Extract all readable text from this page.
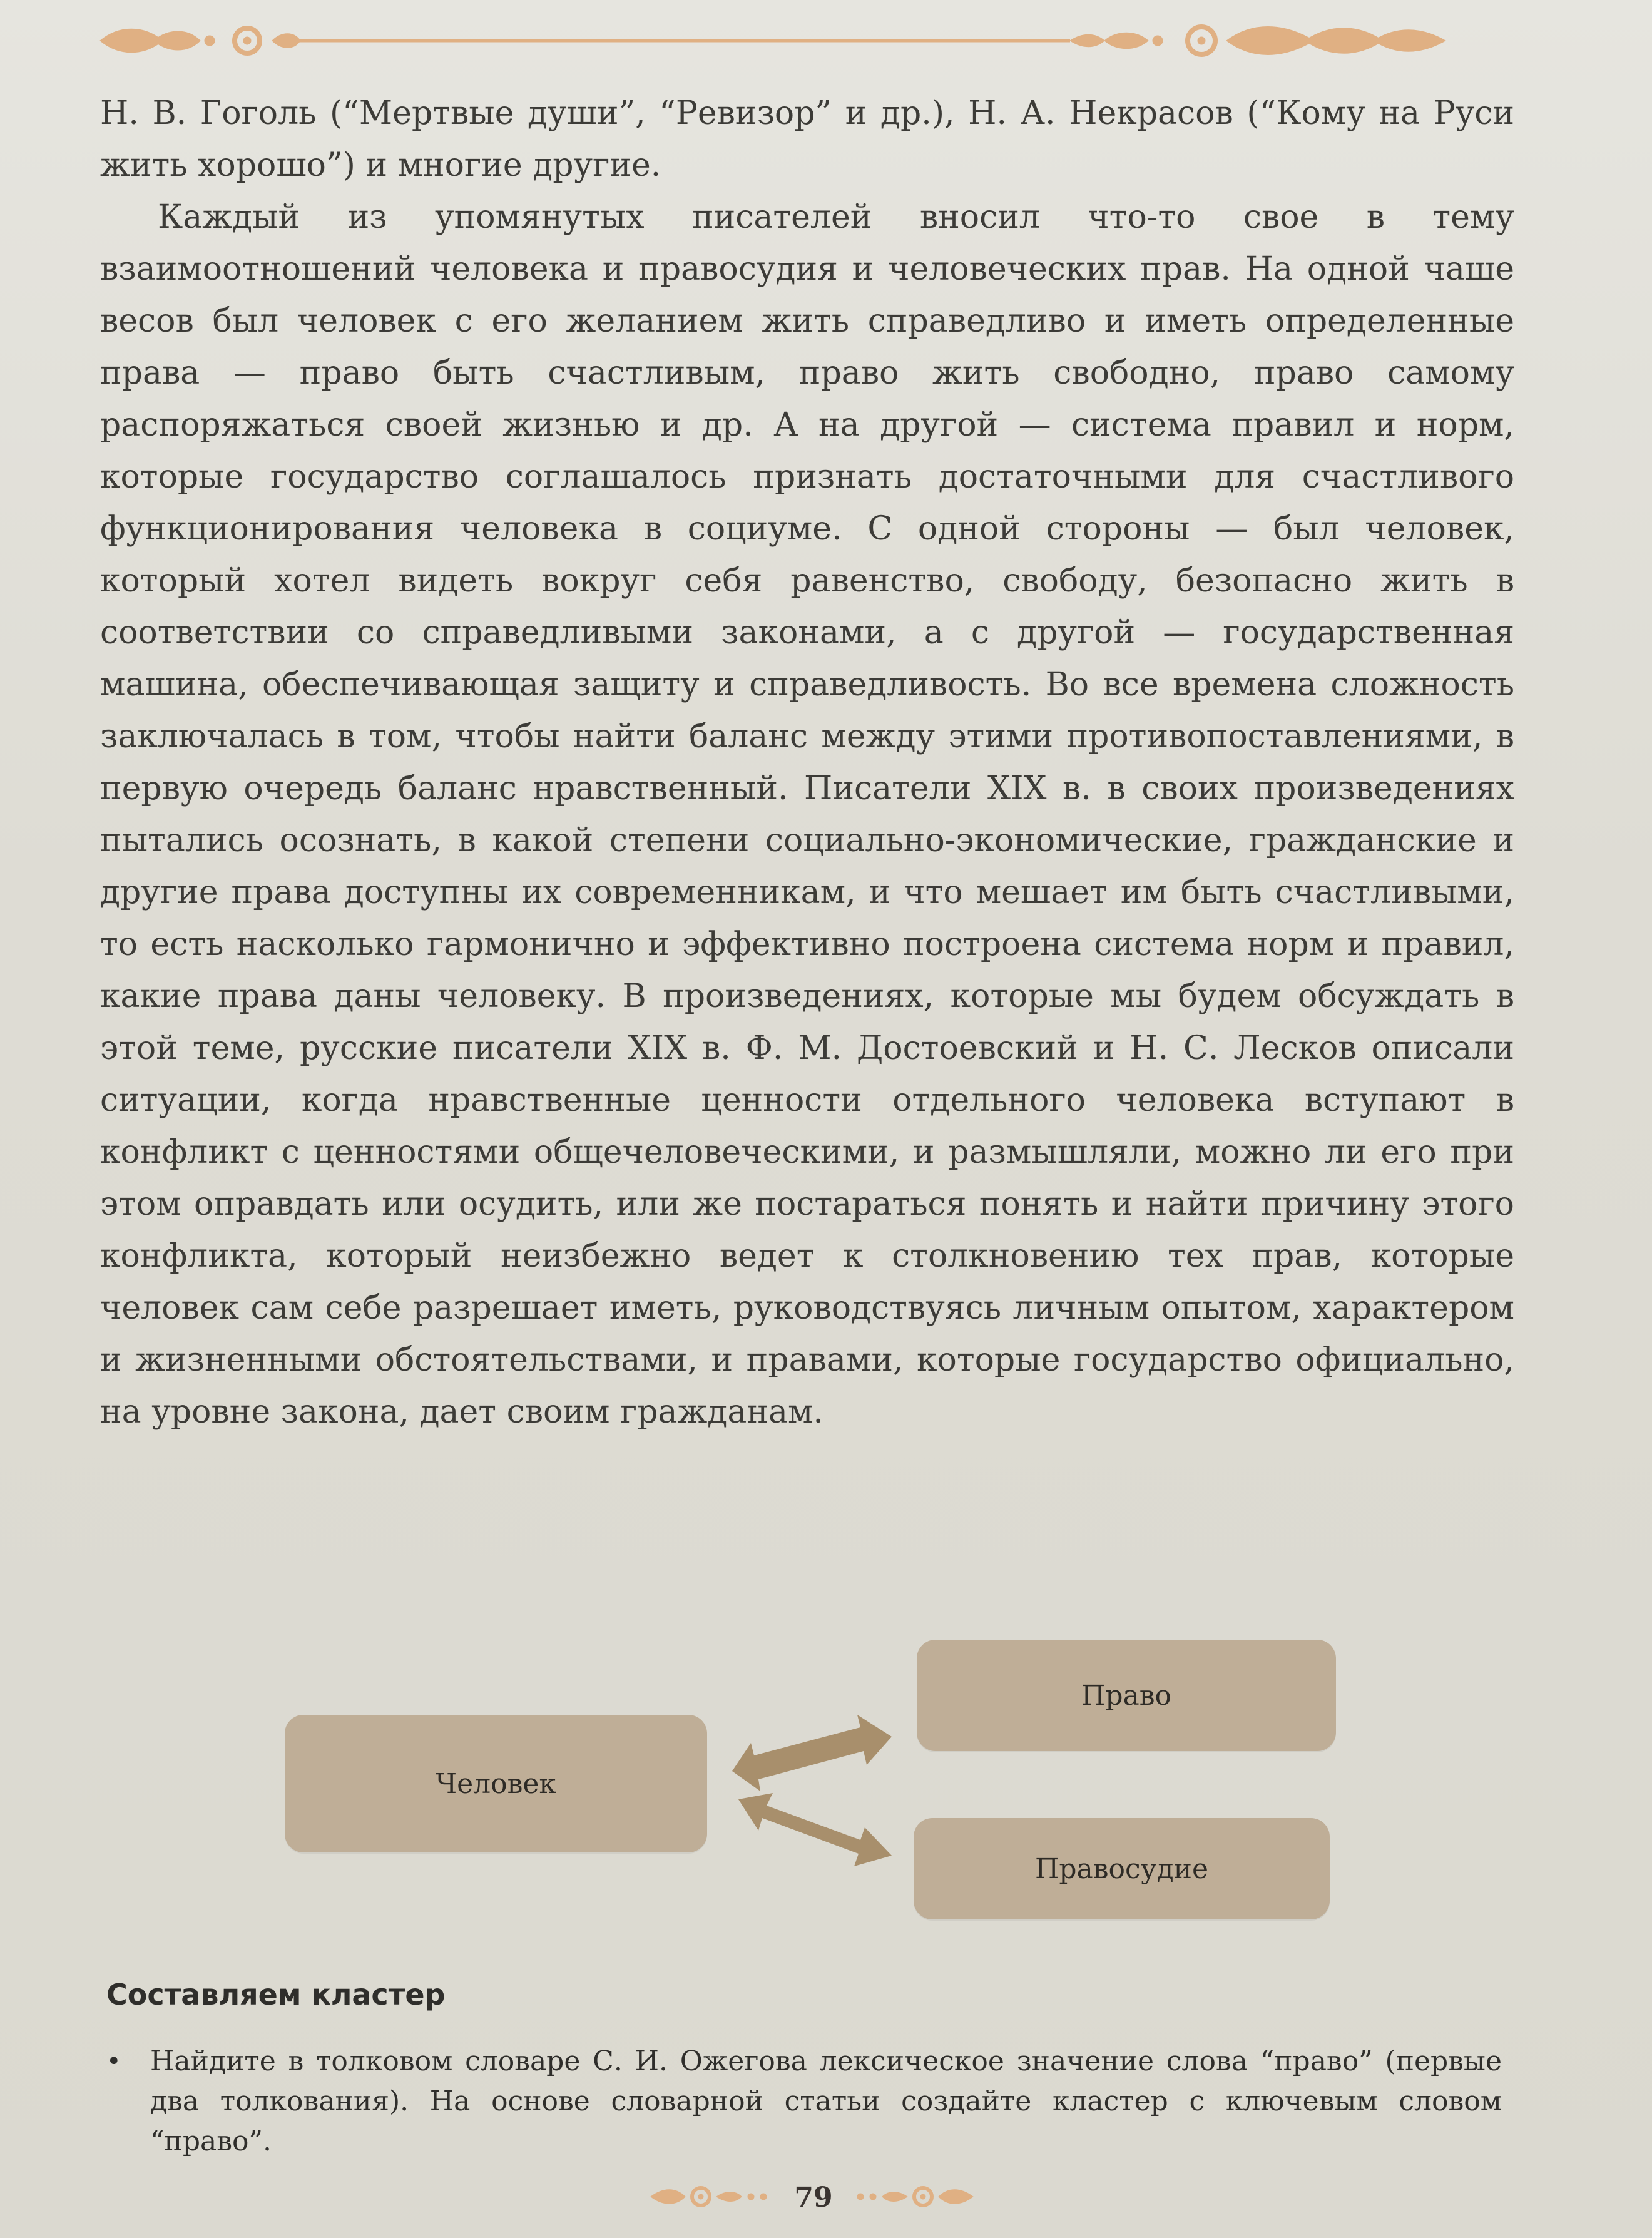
Н. В. Гоголь (“Мертвые души”, “Ревизор” и др.), Н. А. Некрасов (“Кому на Руси жить хорошо”) и многие другие.

Каждый из упомянутых писателей вносил что-то свое в тему взаимоотношений человека и правосудия и человеческих прав. На одной чаше весов был человек с его желанием жить справедливо и иметь определенные права — право быть счастливым, право жить свободно, право самому распоряжаться своей жизнью и др. А на другой — система правил и норм, которые государство соглашалось признать достаточными для счастливого функционирования человека в социуме. С одной стороны — был человек, который хотел видеть вокруг себя равенство, свободу, безопасно жить в соответствии со справедливыми законами, а с другой — государственная машина, обеспечивающая защиту и справедливость. Во все времена сложность заключалась в том, чтобы найти баланс между этими противопоставлениями, в первую очередь баланс нравственный. Писатели XIX в. в своих произведениях пытались осознать, в какой степени социально-экономические, гражданские и другие права доступны их современникам, и что мешает им быть счастливыми, то есть насколько гармонично и эффективно построена система норм и правил, какие права даны человеку. В произведениях, которые мы будем обсуждать в этой теме, русские писатели XIX в. Ф. М. Достоевский и Н. С. Лесков описали ситуации, когда нравственные ценности отдельного человека вступают в конфликт с ценностями общечеловеческими, и размышляли, можно ли его при этом оправдать или осудить, или же постараться понять и найти причину этого конфликта, который неизбежно ведет к столкновению тех прав, которые человек сам себе разрешает иметь, руководствуясь личным опытом, характером и жизненными обстоятельствами, и правами, которые государство официально, на уровне закона, дает своим гражданам.

Человек
Право
Правосудие
Составляем кластер
•	Найдите в толковом словаре С. И. Ожегова лексическое значение слова “право” (первые два толкования). На основе словарной статьи создайте кластер с ключевым словом “право”.
79
